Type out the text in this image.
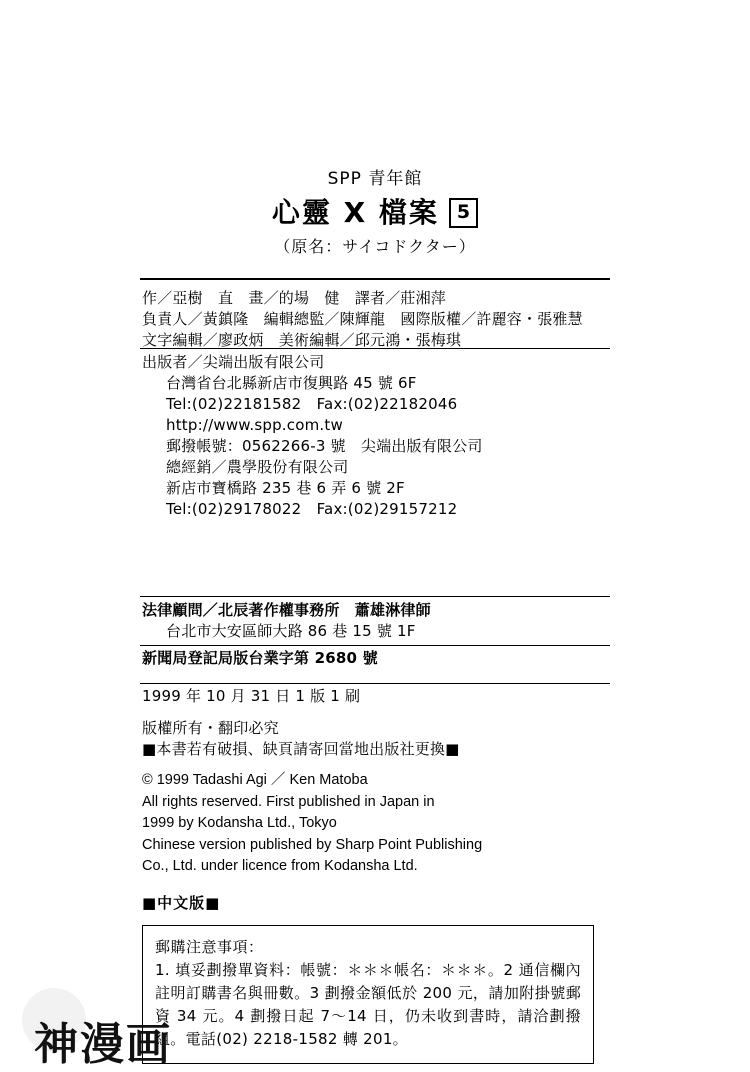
SPP 青年館
心靈 X 檔案 5
（原名：サイコドクター）
作／亞樹　直　畫／的場　健　譯者／莊湘萍
負責人／黃鎮隆　編輯總監／陳輝龍　國際版權／許麗容・張雅慧
文字編輯／廖政炳　美術編輯／邱元鴻・張梅琪
出版者／尖端出版有限公司
台灣省台北縣新店市復興路 45 號 6F
Tel:(02)22181582　Fax:(02)22182046
http://www.spp.com.tw
郵撥帳號：0562266-3 號　尖端出版有限公司
總經銷／農學股份有限公司
新店市寶橋路 235 巷 6 弄 6 號 2F
Tel:(02)29178022　Fax:(02)29157212
法律顧問／北辰著作權事務所　蕭雄淋律師
台北市大安區師大路 86 巷 15 號 1F
新聞局登記局版台業字第 2680 號
1999 年 10 月 31 日 1 版 1 刷
版權所有・翻印必究
■本書若有破損、缺頁請寄回當地出版社更換■
© 1999 Tadashi Agi ／ Ken Matoba
All rights reserved. First published in Japan in
1999 by Kodansha Ltd., Tokyo
Chinese version published by Sharp Point Publishing
Co., Ltd. under licence from Kodansha Ltd.
■中文版■
郵購注意事項：
1. 填妥劃撥單資料：帳號：＊＊＊帳名：＊＊＊。2 通信欄內註明訂購書名與冊數。3 劃撥金額低於 200 元，請加附掛號郵資 34 元。4 劃撥日起 7～14 日，仍未收到書時，請洽劃撥組。電話(02) 2218-1582 轉 201。
神漫画
